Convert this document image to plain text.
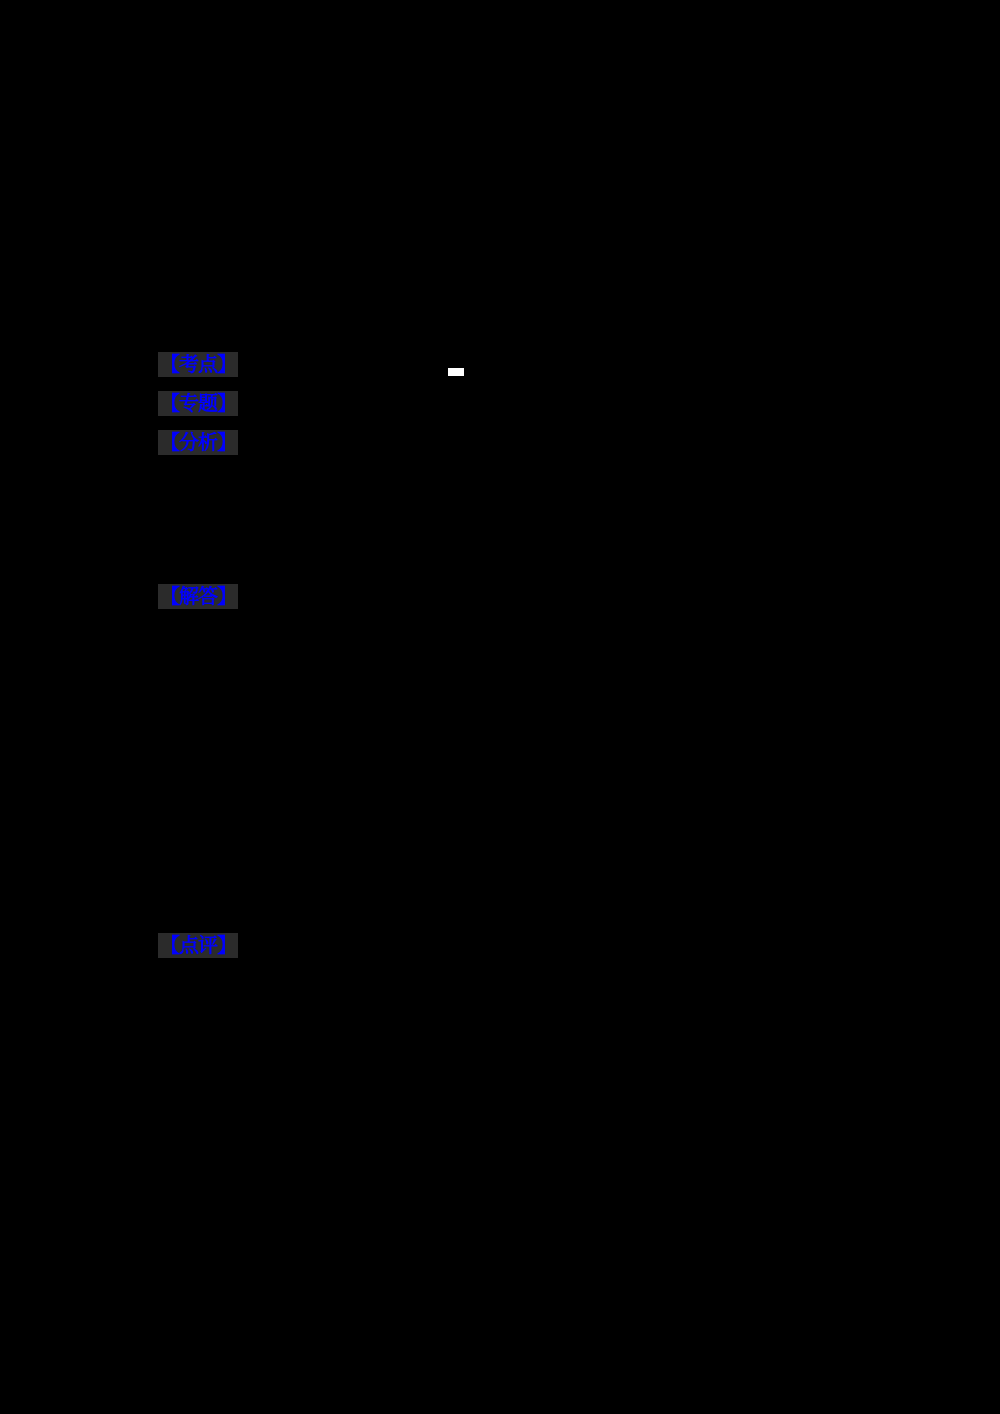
【考点】
【专题】
【分析】
【解答】
【点评】
